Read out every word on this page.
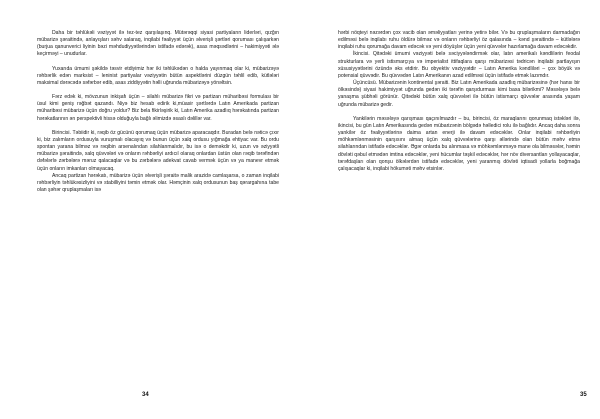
Daha bir təhlükəli vəziyyət ilə tez-tez qarşılaşınq. Mütərəqqi siyasi partiyaların liderləri, qızğın mübarizə şəraitində, anlayışları səhv salaraq, inqilabi fəaliyyət üçün əlverişli şərtləri qoruması çalışarkən (burjua qanunverici liyinin bəzi məhdudiyyətlərindən istifadə edərək), asas məqsədlərini – hakimiyyəti ələ keçirməyi – unudurlar.

Yuxarıda ümumi şəkildə təsvir etdiyimiz hər iki təhlükədən o halda yayınmaq olar ki, mübarizəyə rəhbərlik edən marksist – leninist partiyalar vəziyyətin bütün aspektlərini düzgün təhlil edib, kütlələri maksimal dərəcədə səfərbər edib, asas ziddiyyətin həlli uğrunda mübarizəyə yönəltsin.

Fərz edək ki, mövzunun inkişafı üçün – silahlı mübarizə fikri və partizan müharibəsi formulası bir üsul kimi geniş rəğbət qazandı. Niyə biz hesab edirik ki,müasir şərtlərdə Latın Amerikada partizan müharibəsi mübarizə üçün doğru yoldur? Biz bela fikirləşirik ki, Latın Amerika azadlıq hərəkatında partizan hərəkatlarının ən perspektivli hissə olduğuyla bağlı əlimizdə əsaslı dəlillər var.

Birincisi. Təbiidir ki, rəqib öz gücünü qorumaq üçün mübarizə aparacaqdır. Buradan belə nəticə çıxır ki, biz zalımların ordusuyla vuruşmalı olacayıq və bunun üçün xalq ordusu yığmağa ehtiyac var. Bu ordu spontan yarana bilməz və rəqibin arsenalından silahlanmalıdır, bu isə o deməkdir ki, uzun və əziyyətli mübarizə şəraitində, xalq qüvvələri və onların rəhbərliyi ardıcıl olaraq onlardan üstün olan rəqib tərəfindən dəfələrlə zərbələrə məruz qalacaqlar və bu zərbələrə adekvat cavab vermək üçün və ya manevr etmək üçün onların imkanları olmayacaq.

Ancaq partizan hərəkatı, mübarizə üçün əlverişli şəraitə malik arazidə camlaşarsa, o zaman inqilabi rəhbərliyin təhlükəsizliyini və stabilliyini təmin etmək olar. Həmçinin xalq ordusunun baş qərargahına tabe olan şəhər qruplaşmaları isə

34

hərbi nöqteyi nəzərdən çox vacib olan əməliyyatları yerinə yetirə bilər. Və bu qruplaşmaların darmadağın edilməsi belə inqilabı ruhu öldürə bilməz və onların rəhbərliyi öz qalasında – kənd şəraitində – kütlələrə inqilabi ruhu qorumağa davam edəcək və yeni döyüşlər üçün yeni qüvvələr hazırlamağa davam edəcəkdir.

İkincisi. Qitədəki ümumi vəziyyəti belə səciyyələndirmək olar, latın amerikalı kəndlilərin feodal strukturlara və yerli istismarçıya və imperialist ittifaqlara qarşı mübarizəsi tədricən inqilabi partlayışın xüsusiyyətlərini özündə əks etdirir. Bu obyektiv vəziyyətdir – Latın Amerika kəndliləri – çox böyük və potensial qüvvədir. Bu qüvvədən Latın Amerikanın azad edilməsi üçün istifadə etmək lazımdır.

Üçüncüsü. Mübarizənin kontinental şəraiti. Biz Latın Amerikada azadlıq mübarizəsinə (hər hansı bir ölkəsində) siyasi hakimiyyət uğrunda gedən iki tərəfin qarşıdurması kimi baxa bilərikmi? Məsələyə belə yanaşma şübhəli görünür. Qitədəki bütün xalq qüvvələri ilə bütün istismarçı qüvvələr arasında yaşam uğrunda mübarizə gedir.

Yankilərin məsələyə qarışması qaçınılmazdır – bu, birincisi, öz maraqlarını qorunmaq istəkləri ilə, ikincisi, bu gün Latın Amerikasında gedən mübarizənin bölgədə həlledici rolu ilə bağlıdır. Ancaq daha sonra yankilər öz fəaliyyətlərinə daima artan enerji ilə davam edəcəklər. Onlar inqilabi rəhbərliyin möhkəmlənməsinin qarşısını almaq üçün xalq qüvvələrinə qarşı əllərində olan bütün məhv etmə silahlarından istifadə edəcəklər. Əgər onlarda bu alınmasa və möhkəmlənməyə mane ola bilməsələr, həmin dövləti qəbul etmədən imtina edəcəklər, yeni hücumlar təşkil edəcəklər, hər növ diversantları yollayacaqlar, tərəfdaşları olan qonşu ölkələrdən istifadə edəcəklər, yeni yaranmış dövləti iqtisadi yollarla boğmağa çalışacaqlar ki, inqilabi hökuməti məhv etsinlər.

35
